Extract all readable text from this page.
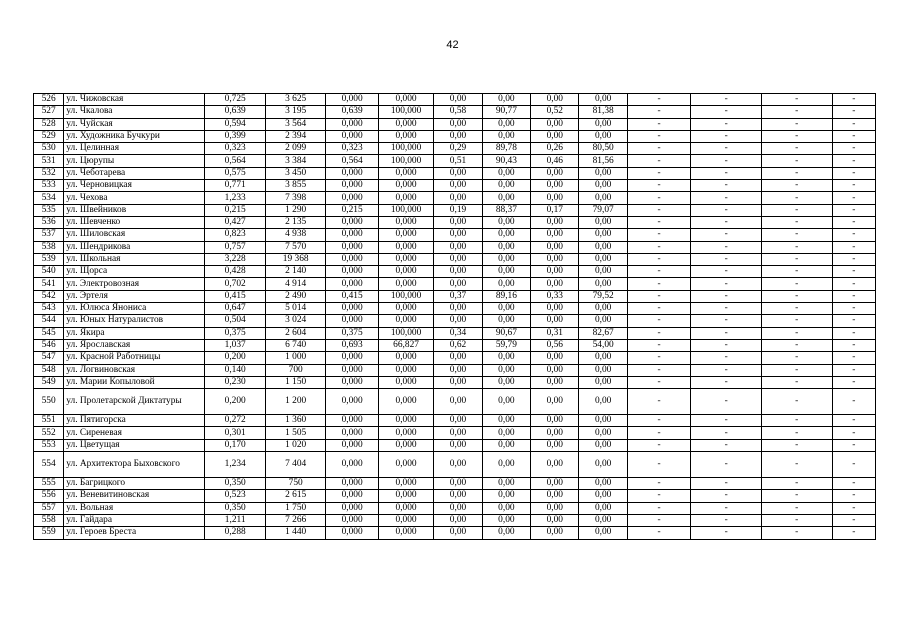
42
526	ул. Чижовская	0,725	3 625	0,000	0,000	0,00	0,00	0,00	0,00	-	-	-	-
527	ул. Чкалова	0,639	3 195	0,639	100,000	0,58	90,77	0,52	81,38	-	-	-	-
528	ул. Чуйская	0,594	3 564	0,000	0,000	0,00	0,00	0,00	0,00	-	-	-	-
529	ул. Художника Бучкури	0,399	2 394	0,000	0,000	0,00	0,00	0,00	0,00	-	-	-	-
530	ул. Целинная	0,323	2 099	0,323	100,000	0,29	89,78	0,26	80,50	-	-	-	-
531	ул. Цюрупы	0,564	3 384	0,564	100,000	0,51	90,43	0,46	81,56	-	-	-	-
532	ул. Чеботарева	0,575	3 450	0,000	0,000	0,00	0,00	0,00	0,00	-	-	-	-
533	ул. Черновицкая	0,771	3 855	0,000	0,000	0,00	0,00	0,00	0,00	-	-	-	-
534	ул. Чехова	1,233	7 398	0,000	0,000	0,00	0,00	0,00	0,00	-	-	-	-
535	ул. Швейников	0,215	1 290	0,215	100,000	0,19	88,37	0,17	79,07	-	-	-	-
536	ул. Шевченко	0,427	2 135	0,000	0,000	0,00	0,00	0,00	0,00	-	-	-	-
537	ул. Шиловская	0,823	4 938	0,000	0,000	0,00	0,00	0,00	0,00	-	-	-	-
538	ул. Шендрикова	0,757	7 570	0,000	0,000	0,00	0,00	0,00	0,00	-	-	-	-
539	ул. Школьная	3,228	19 368	0,000	0,000	0,00	0,00	0,00	0,00	-	-	-	-
540	ул. Щорса	0,428	2 140	0,000	0,000	0,00	0,00	0,00	0,00	-	-	-	-
541	ул. Электровозная	0,702	4 914	0,000	0,000	0,00	0,00	0,00	0,00	-	-	-	-
542	ул. Эртеля	0,415	2 490	0,415	100,000	0,37	89,16	0,33	79,52	-	-	-	-
543	ул. Юлюса Янониса	0,647	5 014	0,000	0,000	0,00	0,00	0,00	0,00	-	-	-	-
544	ул. Юных Натуралистов	0,504	3 024	0,000	0,000	0,00	0,00	0,00	0,00	-	-	-	-
545	ул. Якира	0,375	2 604	0,375	100,000	0,34	90,67	0,31	82,67	-	-	-	-
546	ул. Ярославская	1,037	6 740	0,693	66,827	0,62	59,79	0,56	54,00	-	-	-	-
547	ул. Красной Работницы	0,200	1 000	0,000	0,000	0,00	0,00	0,00	0,00	-	-	-	-
548	ул. Логвиновская	0,140	700	0,000	0,000	0,00	0,00	0,00	0,00	-	-	-	-
549	ул. Марии Копыловой	0,230	1 150	0,000	0,000	0,00	0,00	0,00	0,00	-	-	-	-
550	ул. Пролетарской Диктатуры	0,200	1 200	0,000	0,000	0,00	0,00	0,00	0,00	-	-	-	-
551	ул. Пятигорска	0,272	1 360	0,000	0,000	0,00	0,00	0,00	0,00	-	-	-	-
552	ул. Сиреневая	0,301	1 505	0,000	0,000	0,00	0,00	0,00	0,00	-	-	-	-
553	ул. Цветущая	0,170	1 020	0,000	0,000	0,00	0,00	0,00	0,00	-	-	-	-
554	ул. Архитектора Быховского	1,234	7 404	0,000	0,000	0,00	0,00	0,00	0,00	-	-	-	-
555	ул. Багрицкого	0,350	750	0,000	0,000	0,00	0,00	0,00	0,00	-	-	-	-
556	ул. Веневитиновская	0,523	2 615	0,000	0,000	0,00	0,00	0,00	0,00	-	-	-	-
557	ул. Вольная	0,350	1 750	0,000	0,000	0,00	0,00	0,00	0,00	-	-	-	-
558	ул. Гайдара	1,211	7 266	0,000	0,000	0,00	0,00	0,00	0,00	-	-	-	-
559	ул. Героев Бреста	0,288	1 440	0,000	0,000	0,00	0,00	0,00	0,00	-	-	-	-
